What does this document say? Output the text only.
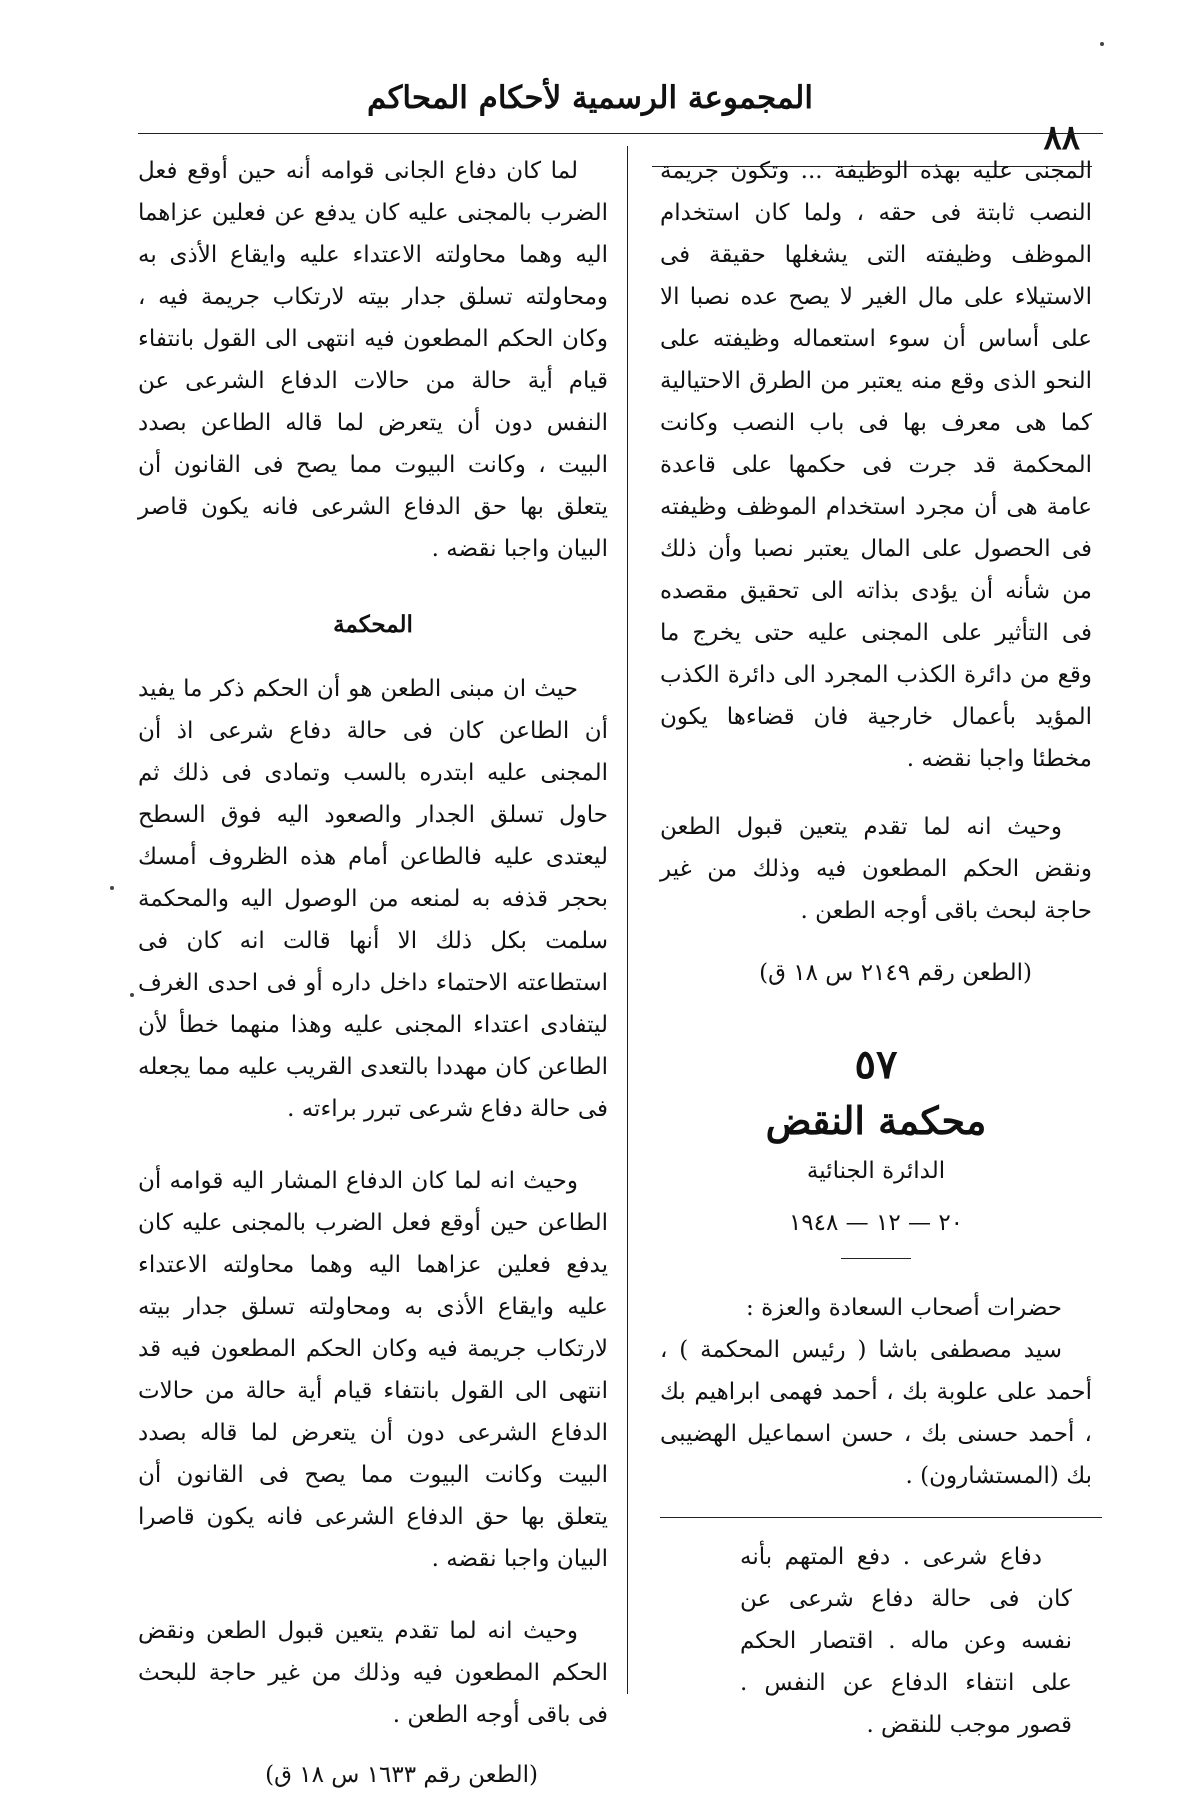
المجموعة الرسمية لأحكام المحاكم
٨٨

المجنى عليه بهذه الوظيفة ... وتكون جريمة النصب ثابتة فى حقه ، ولما كان استخدام الموظف وظيفته التى يشغلها حقيقة فى الاستيلاء على مال الغير لا يصح عده نصبا الا على أساس أن سوء استعماله وظيفته على النحو الذى وقع منه يعتبر من الطرق الاحتيالية كما هى معرف بها فى باب النصب وكانت المحكمة قد جرت فى حكمها على قاعدة عامة هى أن مجرد استخدام الموظف وظيفته فى الحصول على المال يعتبر نصبا وأن ذلك من شأنه أن يؤدى بذاته الى تحقيق مقصده فى التأثير على المجنى عليه حتى يخرج ما وقع من دائرة الكذب المجرد الى دائرة الكذب المؤيد بأعمال خارجية فان قضاءها يكون مخطئا واجبا نقضه .

وحيث انه لما تقدم يتعين قبول الطعن ونقض الحكم المطعون فيه وذلك من غير حاجة لبحث باقى أوجه الطعن .

(الطعن رقم ٢١٤٩ س ١٨ ق)

٥٧

محكمة النقض

الدائرة الجنائية

٢٠ — ١٢ — ١٩٤٨

حضرات أصحاب السعادة والعزة :

سيد مصطفى باشا ( رئيس المحكمة ) ، أحمد على علوبة بك ، أحمد فهمى ابراهيم بك ، أحمد حسنى بك ، حسن اسماعيل الهضيبى بك (المستشارون) .

دفاع شرعى . دفع المتهم بأنه كان فى حالة دفاع شرعى عن نفسه وعن ماله . اقتصار الحكم على انتفاء الدفاع عن النفس . قصور موجب للنقض .

لما كان دفاع الجانى قوامه أنه حين أوقع فعل الضرب بالمجنى عليه كان يدفع عن فعلين عزاهما اليه وهما محاولته الاعتداء عليه وايقاع الأذى به ومحاولته تسلق جدار بيته لارتكاب جريمة فيه ، وكان الحكم المطعون فيه انتهى الى القول بانتفاء قيام أية حالة من حالات الدفاع الشرعى عن النفس دون أن يتعرض لما قاله الطاعن بصدد البيت ، وكانت البيوت مما يصح فى القانون أن يتعلق بها حق الدفاع الشرعى فانه يكون قاصر البيان واجبا نقضه .

المحكمة

حيث ان مبنى الطعن هو أن الحكم ذكر ما يفيد أن الطاعن كان فى حالة دفاع شرعى اذ أن المجنى عليه ابتدره بالسب وتمادى فى ذلك ثم حاول تسلق الجدار والصعود اليه فوق السطح ليعتدى عليه فالطاعن أمام هذه الظروف أمسك بحجر قذفه به لمنعه من الوصول اليه والمحكمة سلمت بكل ذلك الا أنها قالت انه كان فى استطاعته الاحتماء داخل داره أو فى احدى الغرف ليتفادى اعتداء المجنى عليه وهذا منهما خطأ لأن الطاعن كان مهددا بالتعدى القريب عليه مما يجعله فى حالة دفاع شرعى تبرر براءته .

وحيث انه لما كان الدفاع المشار اليه قوامه أن الطاعن حين أوقع فعل الضرب بالمجنى عليه كان يدفع فعلين عزاهما اليه وهما محاولته الاعتداء عليه وايقاع الأذى به ومحاولته تسلق جدار بيته لارتكاب جريمة فيه وكان الحكم المطعون فيه قد انتهى الى القول بانتفاء قيام أية حالة من حالات الدفاع الشرعى دون أن يتعرض لما قاله بصدد البيت وكانت البيوت مما يصح فى القانون أن يتعلق بها حق الدفاع الشرعى فانه يكون قاصرا البيان واجبا نقضه .

وحيث انه لما تقدم يتعين قبول الطعن ونقض الحكم المطعون فيه وذلك من غير حاجة للبحث فى باقى أوجه الطعن .

(الطعن رقم ١٦٣٣ س ١٨ ق)
